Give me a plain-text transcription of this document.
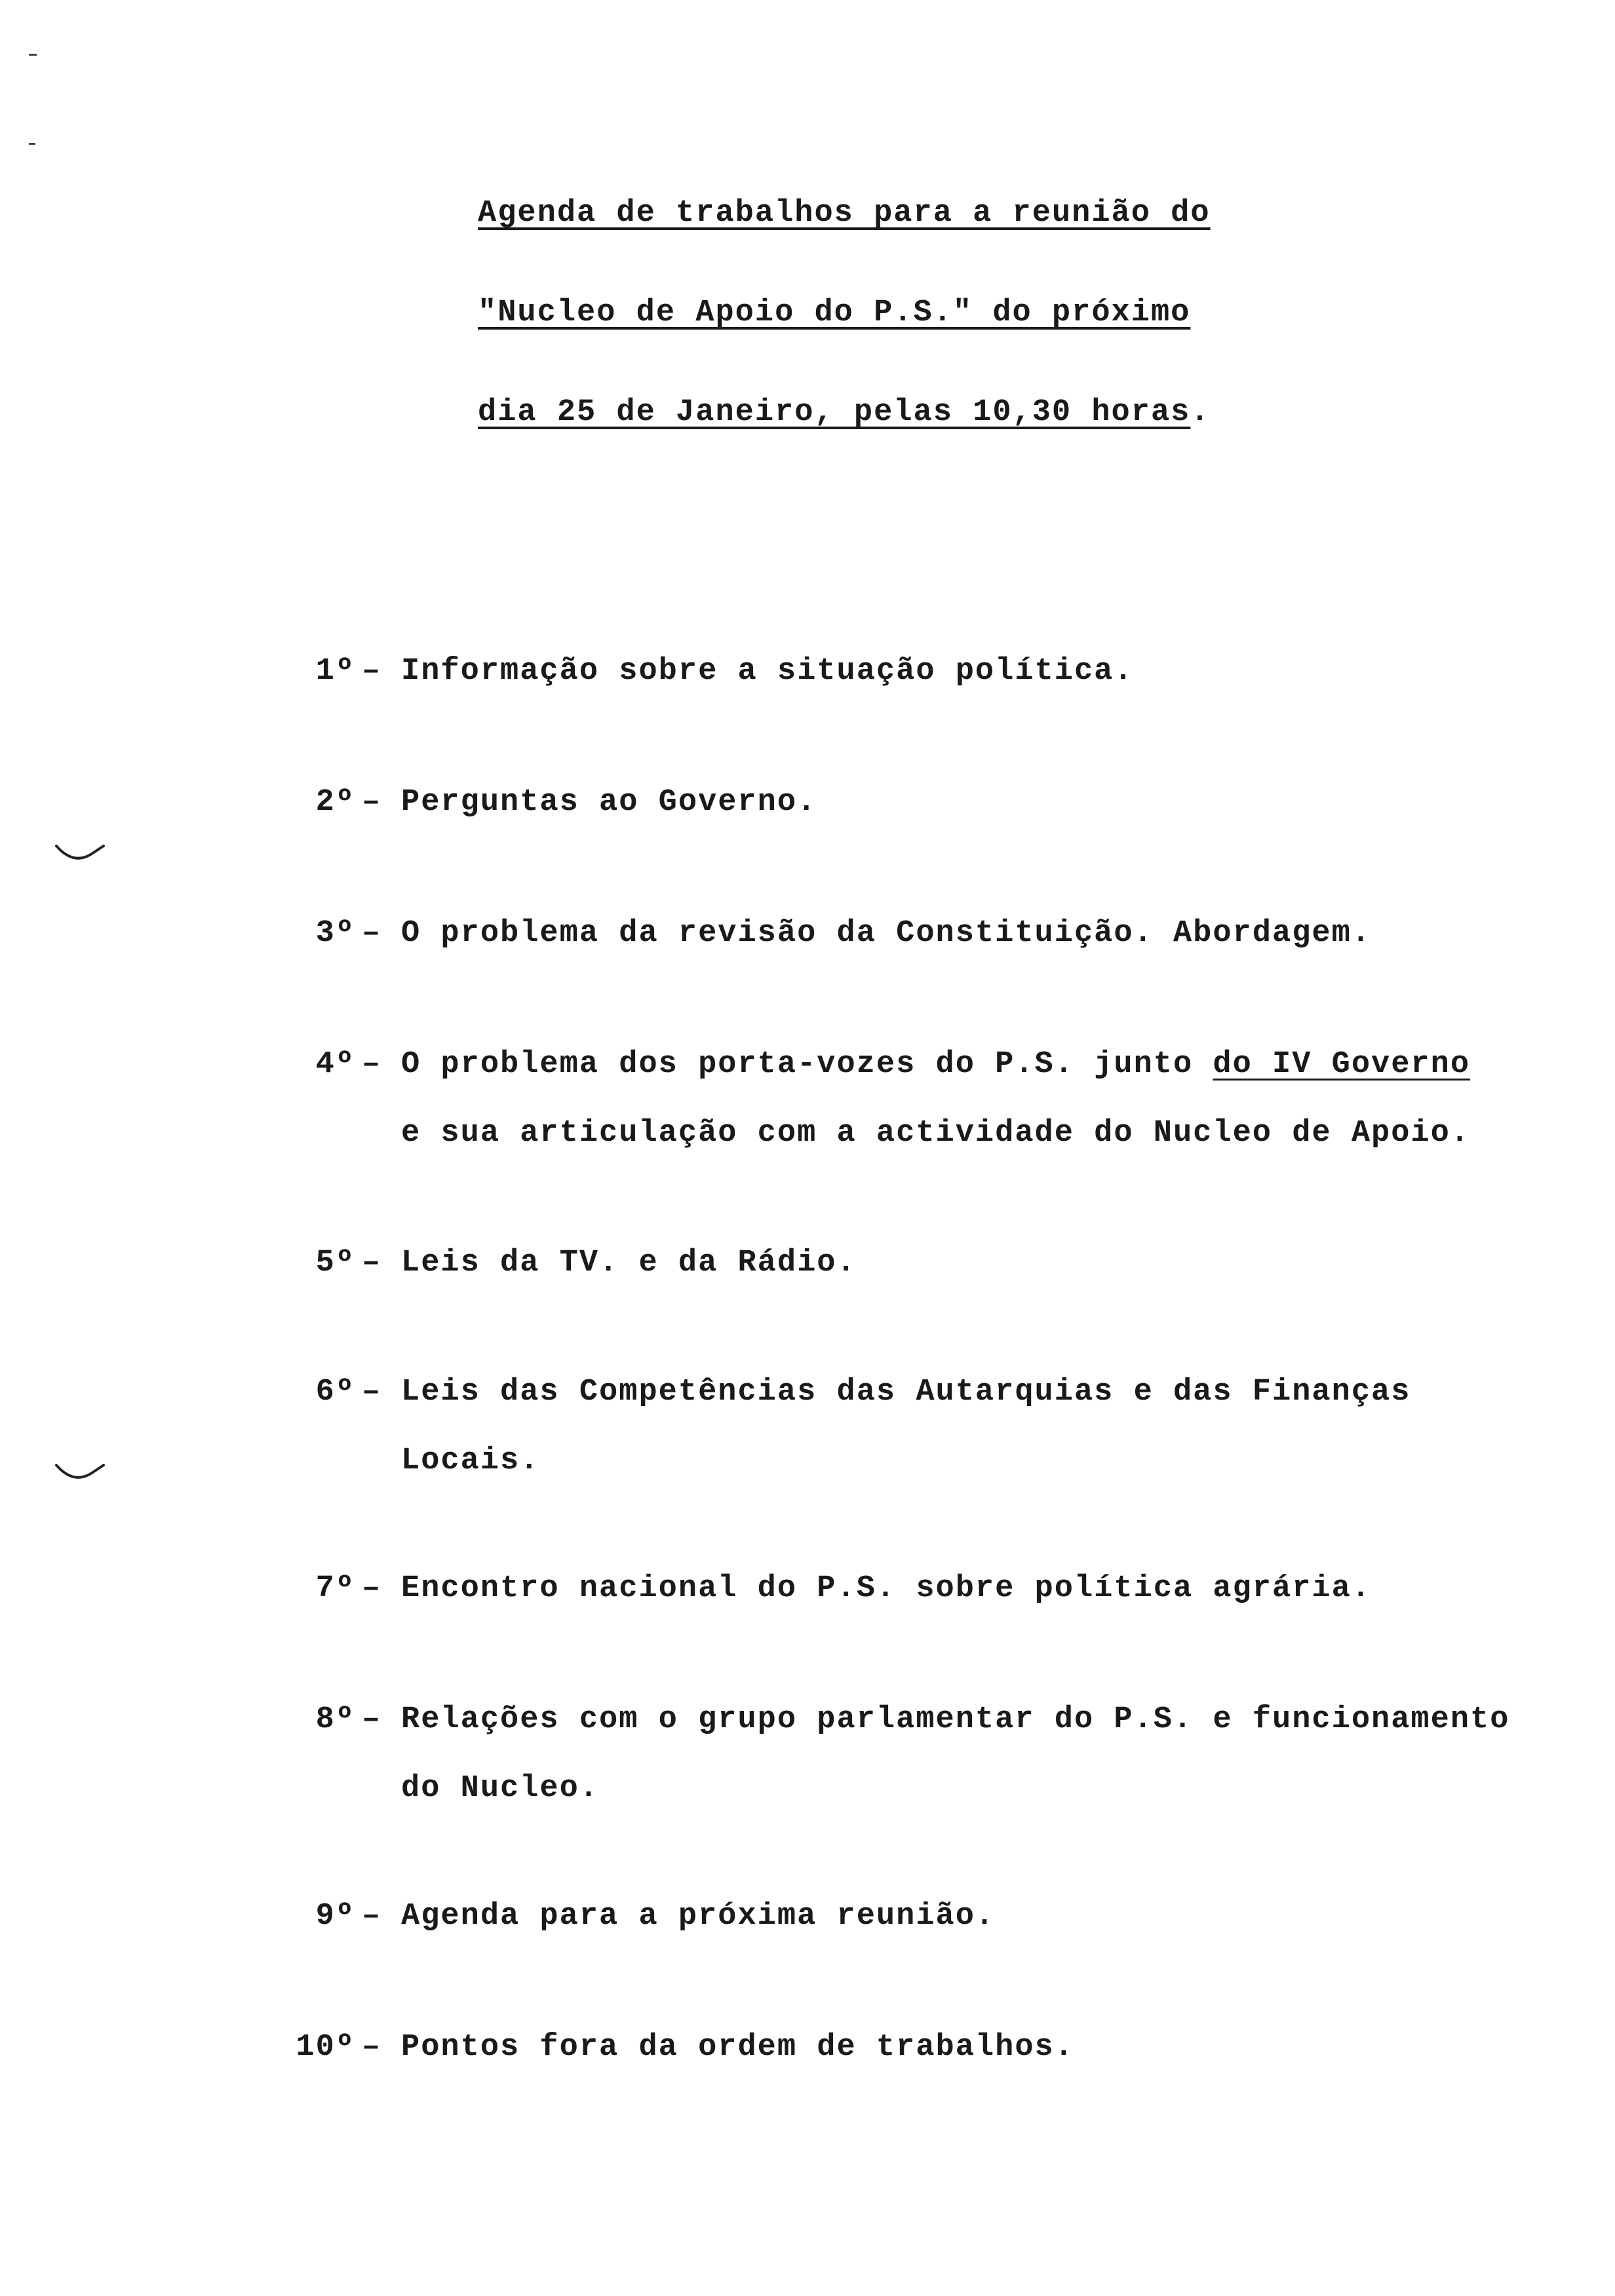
Agenda de trabalhos para a reunião do
"Nucleo de Apoio do P.S." do próximo
dia 25 de Janeiro, pelas 10,30 horas.
1º – Informação sobre a situação política.
2º – Perguntas ao Governo.
3º – O problema da revisão da Constituição. Abordagem.
4º – O problema dos porta-vozes do P.S. junto do IV Governo
e sua articulação com a actividade do Nucleo de Apoio.
5º – Leis da TV. e da Rádio.
6º – Leis das Competências das Autarquias e das Finanças
Locais.
7º – Encontro nacional do P.S. sobre política agrária.
8º – Relações com o grupo parlamentar do P.S. e funcionamento
do Nucleo.
9º – Agenda para a próxima reunião.
10º – Pontos fora da ordem de trabalhos.
